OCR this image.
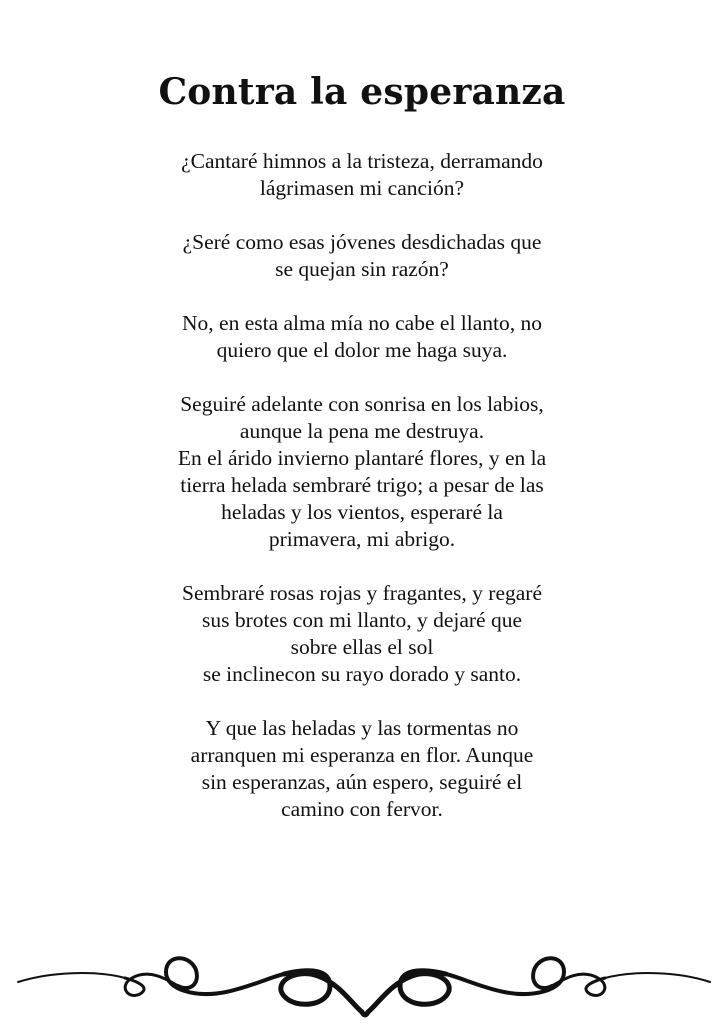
Contra la esperanza

¿Cantaré himnos a la tristeza, derramando
lágrimasen mi canción?

¿Seré como esas jóvenes desdichadas que
se quejan sin razón?

No, en esta alma mía no cabe el llanto, no
quiero que el dolor me haga suya.

Seguiré adelante con sonrisa en los labios,
aunque la pena me destruya.

En el árido invierno plantaré flores, y en la
tierra helada sembraré trigo; a pesar de las
heladas y los vientos, esperaré la
primavera, mi abrigo.

Sembraré rosas rojas y fragantes, y regaré
sus brotes con mi llanto, y dejaré que
sobre ellas el sol
se inclinecon su rayo dorado y santo.

Y que las heladas y las tormentas no
arranquen mi esperanza en flor. Aunque
sin esperanzas, aún espero, seguiré el
camino con fervor.
